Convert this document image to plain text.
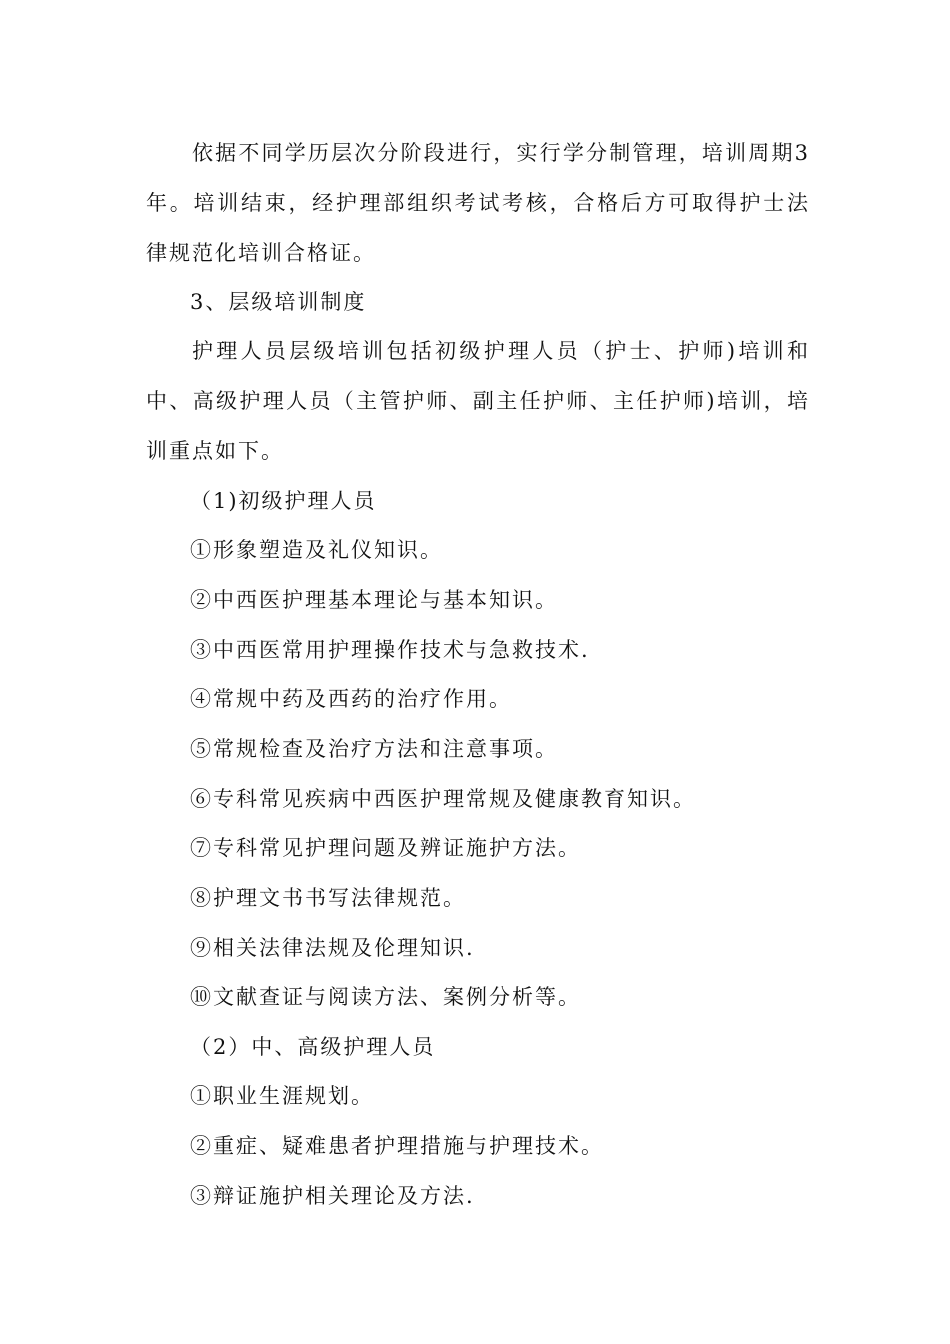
依据不同学历层次分阶段进行，实行学分制管理，培训周期3年。培训结束，经护理部组织考试考核，合格后方可取得护士法律规范化培训合格证。

3、层级培训制度

护理人员层级培训包括初级护理人员（护士、护师)培训和中、高级护理人员（主管护师、副主任护师、主任护师)培训，培训重点如下。

（1)初级护理人员

①形象塑造及礼仪知识。

②中西医护理基本理论与基本知识。

③中西医常用护理操作技术与急救技术.

④常规中药及西药的治疗作用。

⑤常规检查及治疗方法和注意事项。

⑥专科常见疾病中西医护理常规及健康教育知识。

⑦专科常见护理问题及辨证施护方法。

⑧护理文书书写法律规范。

⑨相关法律法规及伦理知识.

⑩文献查证与阅读方法、案例分析等。

（2）中、高级护理人员

①职业生涯规划。

②重症、疑难患者护理措施与护理技术。

③辩证施护相关理论及方法.
